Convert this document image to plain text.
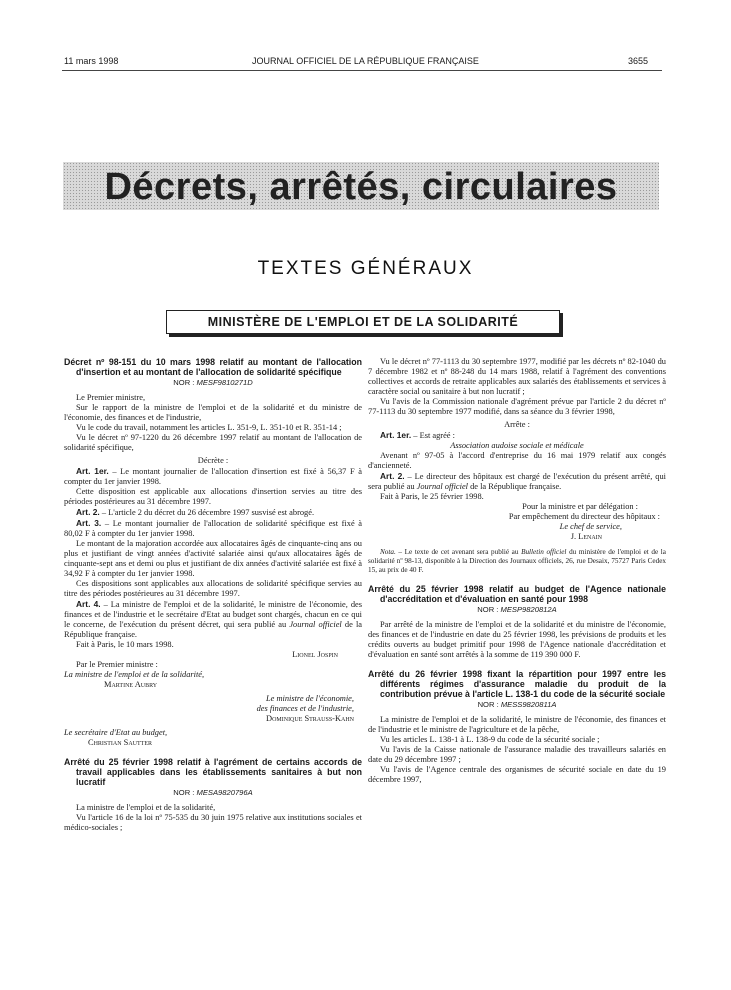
11 mars 1998	JOURNAL OFFICIEL DE LA RÉPUBLIQUE FRANÇAISE	3655
Décrets, arrêtés, circulaires
TEXTES GÉNÉRAUX
MINISTÈRE DE L'EMPLOI ET DE LA SOLIDARITÉ

Décret nº 98-151 du 10 mars 1998 relatif au montant de l'allocation d'insertion et au montant de l'allocation de solidarité spécifique

NOR : MESF9810271D

Le Premier ministre,

Sur le rapport de la ministre de l'emploi et de la solidarité et du ministre de l'économie, des finances et de l'industrie,

Vu le code du travail, notamment les articles L. 351-9, L. 351-10 et R. 351-14 ;

Vu le décret nº 97-1220 du 26 décembre 1997 relatif au montant de l'allocation de solidarité spécifique,

Décrète :

Art. 1er. – Le montant journalier de l'allocation d'insertion est fixé à 56,37 F à compter du 1er janvier 1998.

Cette disposition est applicable aux allocations d'insertion servies au titre des périodes postérieures au 31 décembre 1997.

Art. 2. – L'article 2 du décret du 26 décembre 1997 susvisé est abrogé.

Art. 3. – Le montant journalier de l'allocation de solidarité spécifique est fixé à 80,02 F à compter du 1er janvier 1998.

Le montant de la majoration accordée aux allocataires âgés de cinquante-cinq ans ou plus et justifiant de vingt années d'activité salariée ainsi qu'aux allocataires âgés de cinquante-sept ans et demi ou plus et justifiant de dix années d'activité salariée est fixé à 34,92 F à compter du 1er janvier 1998.

Ces dispositions sont applicables aux allocations de solidarité spécifique servies au titre des périodes postérieures au 31 décembre 1997.

Art. 4. – La ministre de l'emploi et de la solidarité, le ministre de l'économie, des finances et de l'industrie et le secrétaire d'Etat au budget sont chargés, chacun en ce qui le concerne, de l'exécution du présent décret, qui sera publié au Journal officiel de la République française.

Fait à Paris, le 10 mars 1998.

Lionel Jospin

Par le Premier ministre :

La ministre de l'emploi et de la solidarité,

Martine Aubry

Le ministre de l'économie,

des finances et de l'industrie,

Dominique Strauss-Kahn

Le secrétaire d'Etat au budget,

Christian Sautter

Arrêté du 25 février 1998 relatif à l'agrément de certains accords de travail applicables dans les établissements sanitaires à but non lucratif

NOR : MESA9820796A

La ministre de l'emploi et de la solidarité,

Vu l'article 16 de la loi nº 75-535 du 30 juin 1975 relative aux institutions sociales et médico-sociales ;

Vu le décret nº 77-1113 du 30 septembre 1977, modifié par les décrets nº 82-1040 du 7 décembre 1982 et nº 88-248 du 14 mars 1988, relatif à l'agrément des conventions collectives et accords de retraite applicables aux salariés des établissements et services à caractère social ou sanitaire à but non lucratif ;

Vu l'avis de la Commission nationale d'agrément prévue par l'article 2 du décret nº 77-1113 du 30 septembre 1977 modifié, dans sa séance du 3 février 1998,

Arrête :

Art. 1er. – Est agréé :

Association audoise sociale et médicale

Avenant nº 97-05 à l'accord d'entreprise du 16 mai 1979 relatif aux congés d'ancienneté.

Art. 2. – Le directeur des hôpitaux est chargé de l'exécution du présent arrêté, qui sera publié au Journal officiel de la République française.

Fait à Paris, le 25 février 1998.

Pour la ministre et par délégation :

Par empêchement du directeur des hôpitaux :

Le chef de service,

J. Lenain

Nota. – Le texte de cet avenant sera publié au Bulletin officiel du ministère de l'emploi et de la solidarité nº 98-13, disponible à la Direction des Journaux officiels, 26, rue Desaix, 75727 Paris Cedex 15, au prix de 40 F.

Arrêté du 25 février 1998 relatif au budget de l'Agence nationale d'accréditation et d'évaluation en santé pour 1998

NOR : MESP9820812A

Par arrêté de la ministre de l'emploi et de la solidarité et du ministre de l'économie, des finances et de l'industrie en date du 25 février 1998, les prévisions de produits et les crédits ouverts au budget primitif pour 1998 de l'Agence nationale d'accréditation et d'évaluation en santé sont arrêtés à la somme de 119 390 000 F.

Arrêté du 26 février 1998 fixant la répartition pour 1997 entre les différents régimes d'assurance maladie du produit de la contribution prévue à l'article L. 138-1 du code de la sécurité sociale

NOR : MESS9820811A

La ministre de l'emploi et de la solidarité, le ministre de l'économie, des finances et de l'industrie et le ministre de l'agriculture et de la pêche,

Vu les articles L. 138-1 à L. 138-9 du code de la sécurité sociale ;

Vu l'avis de la Caisse nationale de l'assurance maladie des travailleurs salariés en date du 29 décembre 1997 ;

Vu l'avis de l'Agence centrale des organismes de sécurité sociale en date du 19 décembre 1997,
